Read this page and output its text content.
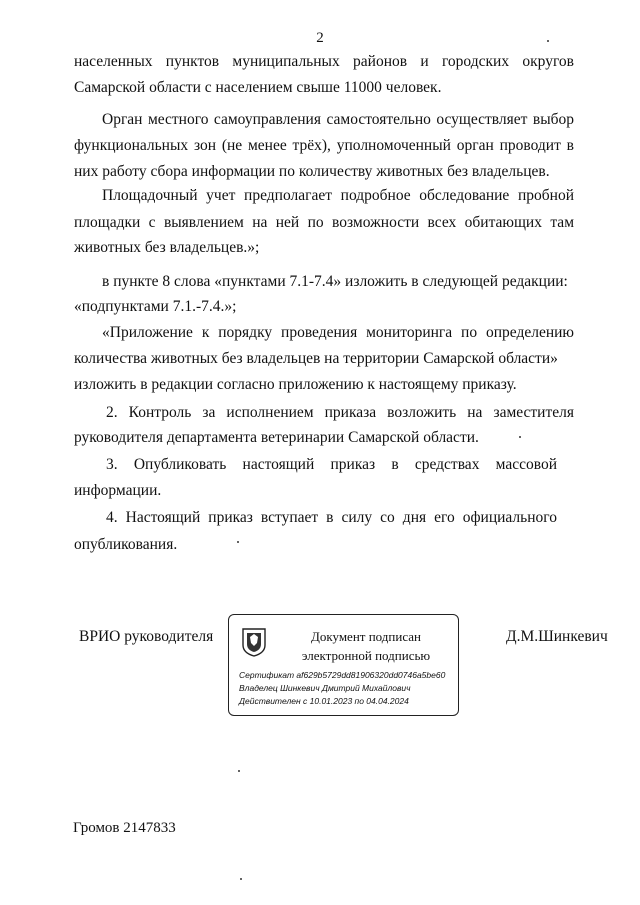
2
населенных пунктов муниципальных районов и городских округов
Самарской области с населением свыше 11000 человек.
Орган местного самоуправления самостоятельно осуществляет выбор
функциональных зон (не менее трёх), уполномоченный орган проводит в
них работу сбора информации по количеству животных без владельцев.
Площадочный учет предполагает подробное обследование пробной
площадки с выявлением на ней по возможности всех обитающих там
животных без владельцев.»;
в пункте 8 слова «пунктами 7.1-7.4» изложить в следующей редакции:
«подпунктами 7.1.-7.4.»;
«Приложение к порядку проведения мониторинга по определению
количества животных без владельцев на территории Самарской области»
изложить в редакции согласно приложению к настоящему приказу.
2. Контроль за исполнением приказа возложить на заместителя
руководителя департамента ветеринарии Самарской области.
3. Опубликовать настоящий приказ в средствах массовой
информации.
4. Настоящий приказ вступает в силу со дня его официального
опубликования.
ВРИО руководителя	Документ подписан
электронной подписью
Сертификат af629b5729dd81906320dd0746a5be60
Владелец Шинкевич Дмитрий Михайлович
Действителен с 10.01.2023 по 04.04.2024
Д.М.Шинкевич
Громов 2147833
